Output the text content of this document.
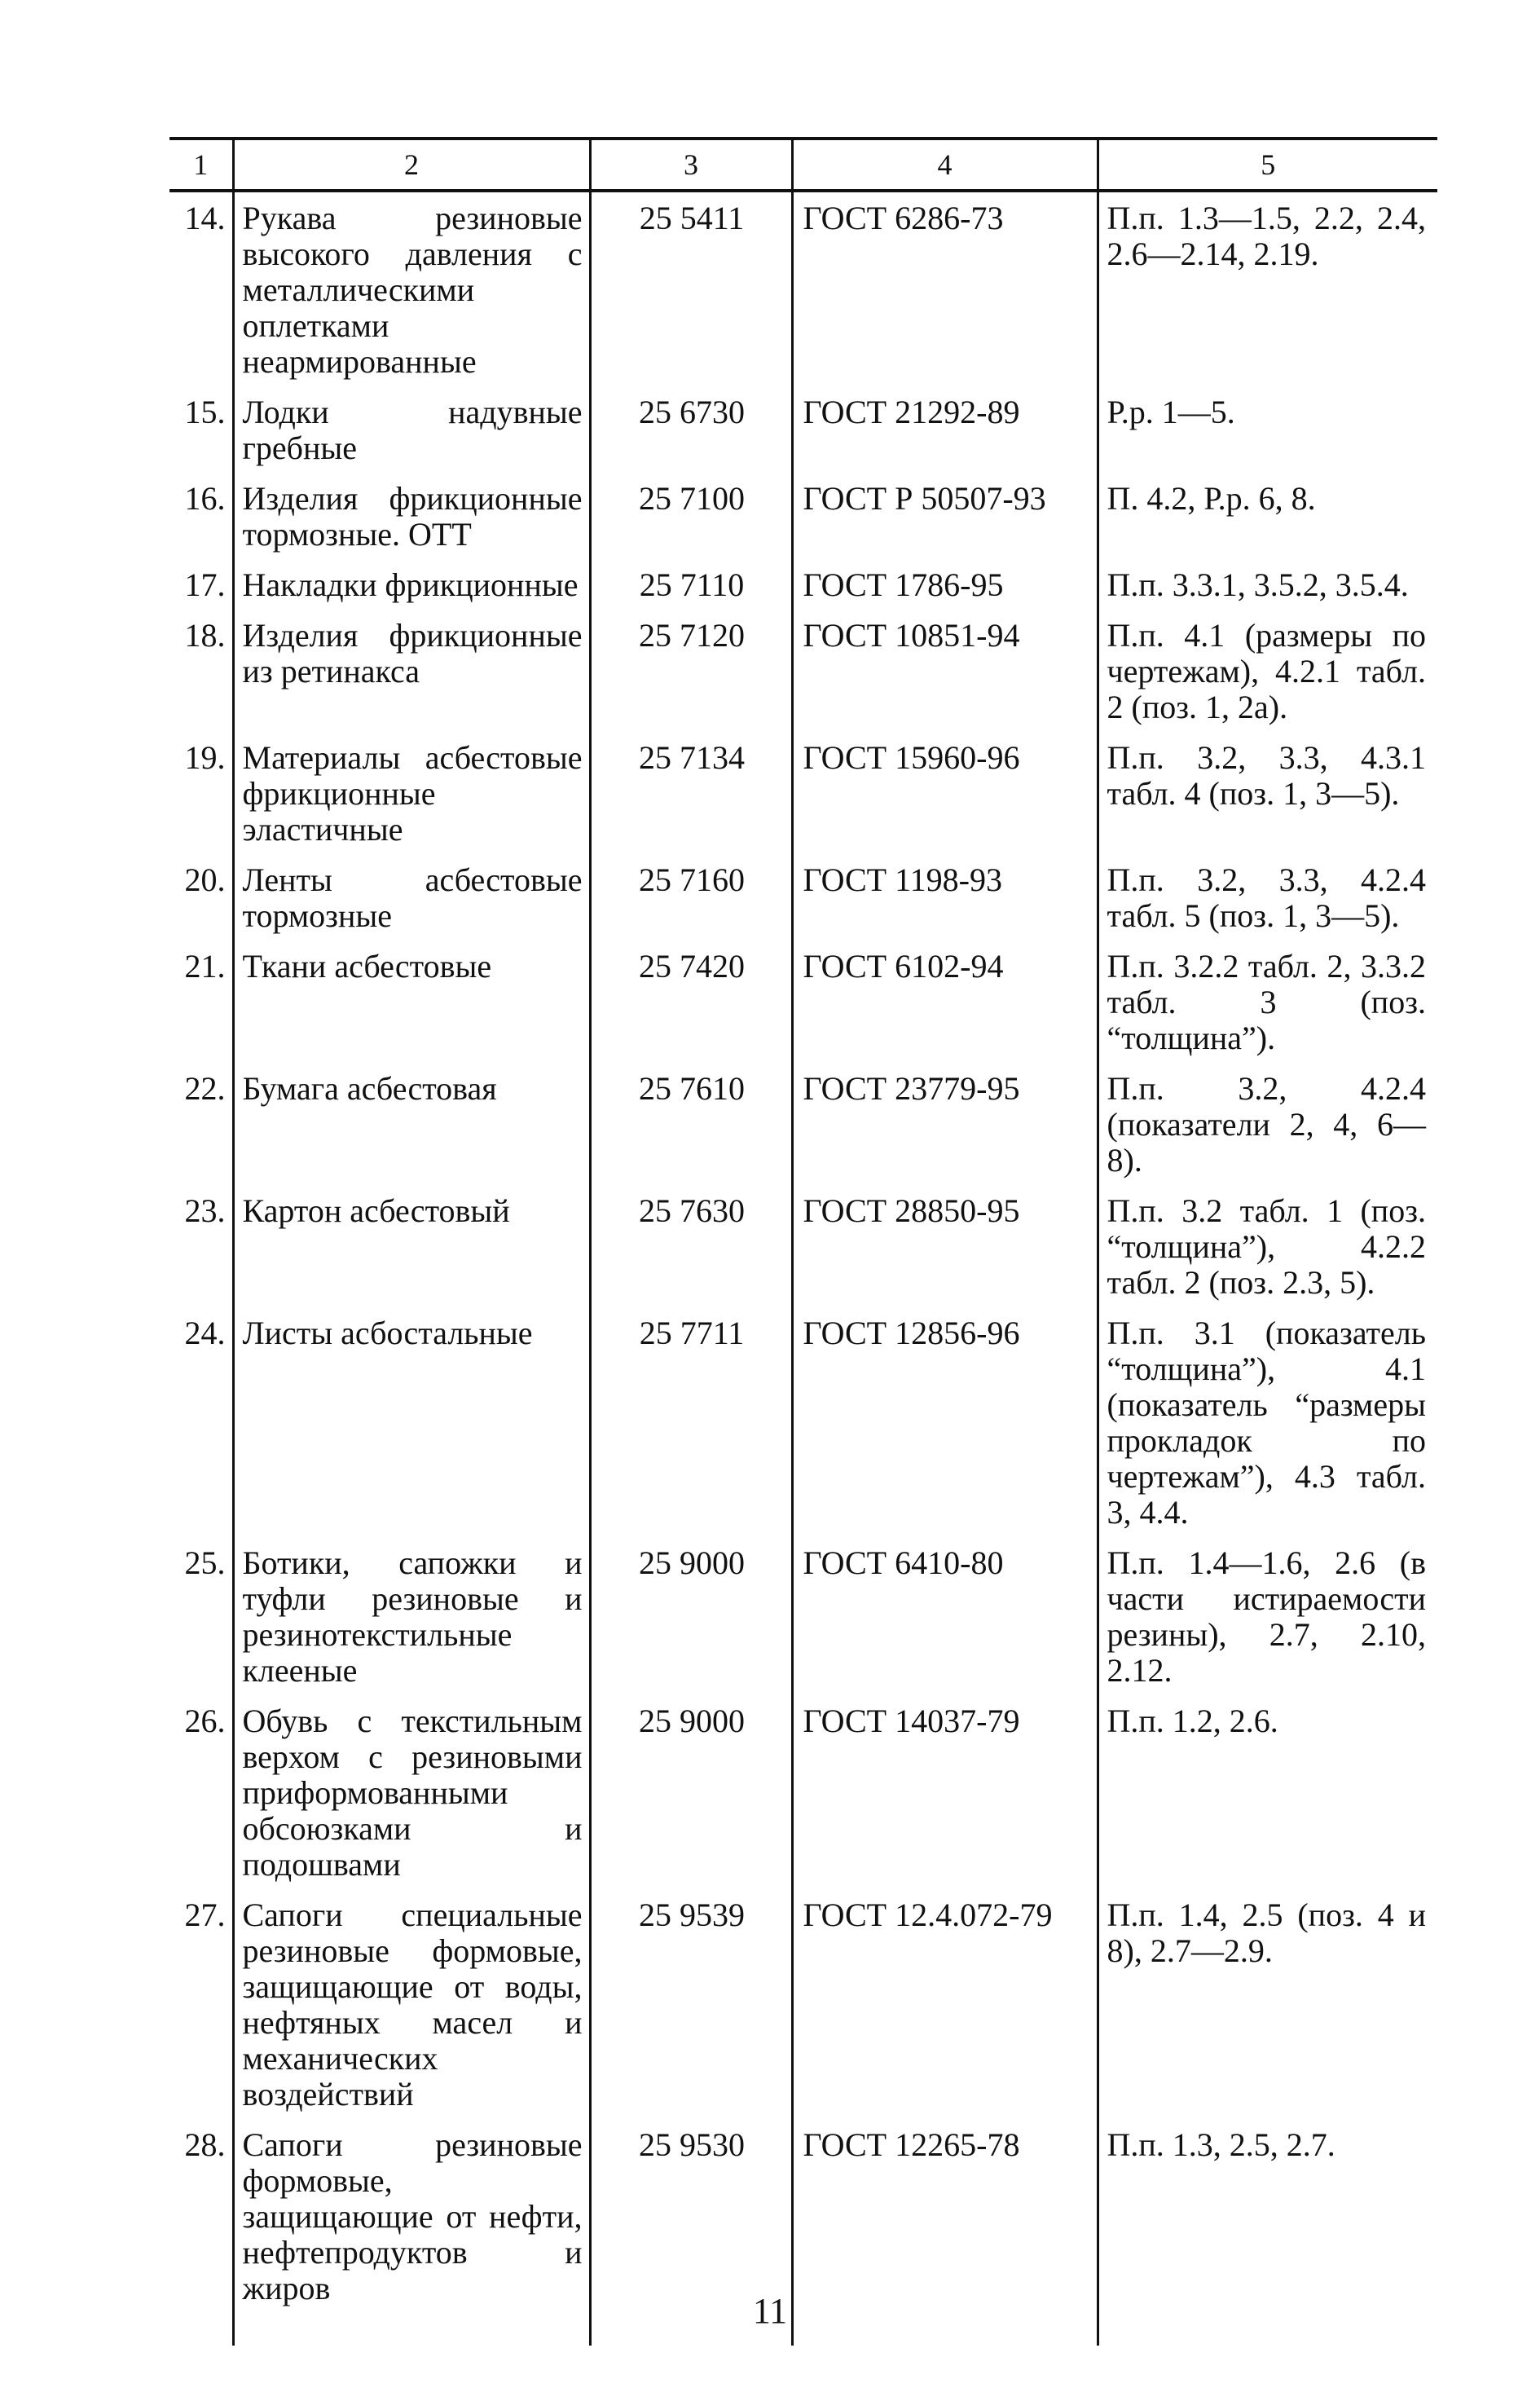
1	2	3	4	5
14.	Рукава резиновые высокого давления с металлическими оплетками неармированные	25 5411	ГОСТ 6286-73	П.п. 1.3—1.5, 2.2, 2.4, 2.6—2.14, 2.19.
15.	Лодки надувные гребные	25 6730	ГОСТ 21292-89	Р.р. 1—5.
16.	Изделия фрикционные тормозные. ОТТ	25 7100	ГОСТ Р 50507-93	П. 4.2, Р.р. 6, 8.
17.	Накладки фрикционные	25 7110	ГОСТ 1786-95	П.п. 3.3.1, 3.5.2, 3.5.4.
18.	Изделия фрикционные из ретинакса	25 7120	ГОСТ 10851-94	П.п. 4.1 (размеры по чертежам), 4.2.1 табл. 2 (поз. 1, 2а).
19.	Материалы асбестовые фрикционные эластичные	25 7134	ГОСТ 15960-96	П.п. 3.2, 3.3, 4.3.1 табл. 4 (поз. 1, 3—5).
20.	Ленты асбестовые тормозные	25 7160	ГОСТ 1198-93	П.п. 3.2, 3.3, 4.2.4 табл. 5 (поз. 1, 3—5).
21.	Ткани асбестовые	25 7420	ГОСТ 6102-94	П.п. 3.2.2 табл. 2, 3.3.2 табл. 3 (поз. “толщина”).
22.	Бумага асбестовая	25 7610	ГОСТ 23779-95	П.п. 3.2, 4.2.4 (показатели 2, 4, 6—8).
23.	Картон асбестовый	25 7630	ГОСТ 28850-95	П.п. 3.2 табл. 1 (поз. “толщина”), 4.2.2 табл. 2 (поз. 2.3, 5).
24.	Листы асбостальные	25 7711	ГОСТ 12856-96	П.п. 3.1 (показатель “толщина”), 4.1 (показатель “размеры прокладок по чертежам”), 4.3 табл. 3, 4.4.
25.	Ботики, сапожки и туфли резиновые и резинотекстильные клееные	25 9000	ГОСТ 6410-80	П.п. 1.4—1.6, 2.6 (в части истираемости резины), 2.7, 2.10, 2.12.
26.	Обувь с текстильным верхом с резиновыми приформованными обсоюзками и подошвами	25 9000	ГОСТ 14037-79	П.п. 1.2, 2.6.
27.	Сапоги специальные резиновые формовые, защищающие от воды, нефтяных масел и механических воздействий	25 9539	ГОСТ 12.4.072-79	П.п. 1.4, 2.5 (поз. 4 и 8), 2.7—2.9.
28.	Сапоги резиновые формовые, защищающие от нефти, нефтепродуктов и жиров	25 9530	ГОСТ 12265-78	П.п. 1.3, 2.5, 2.7.

11
